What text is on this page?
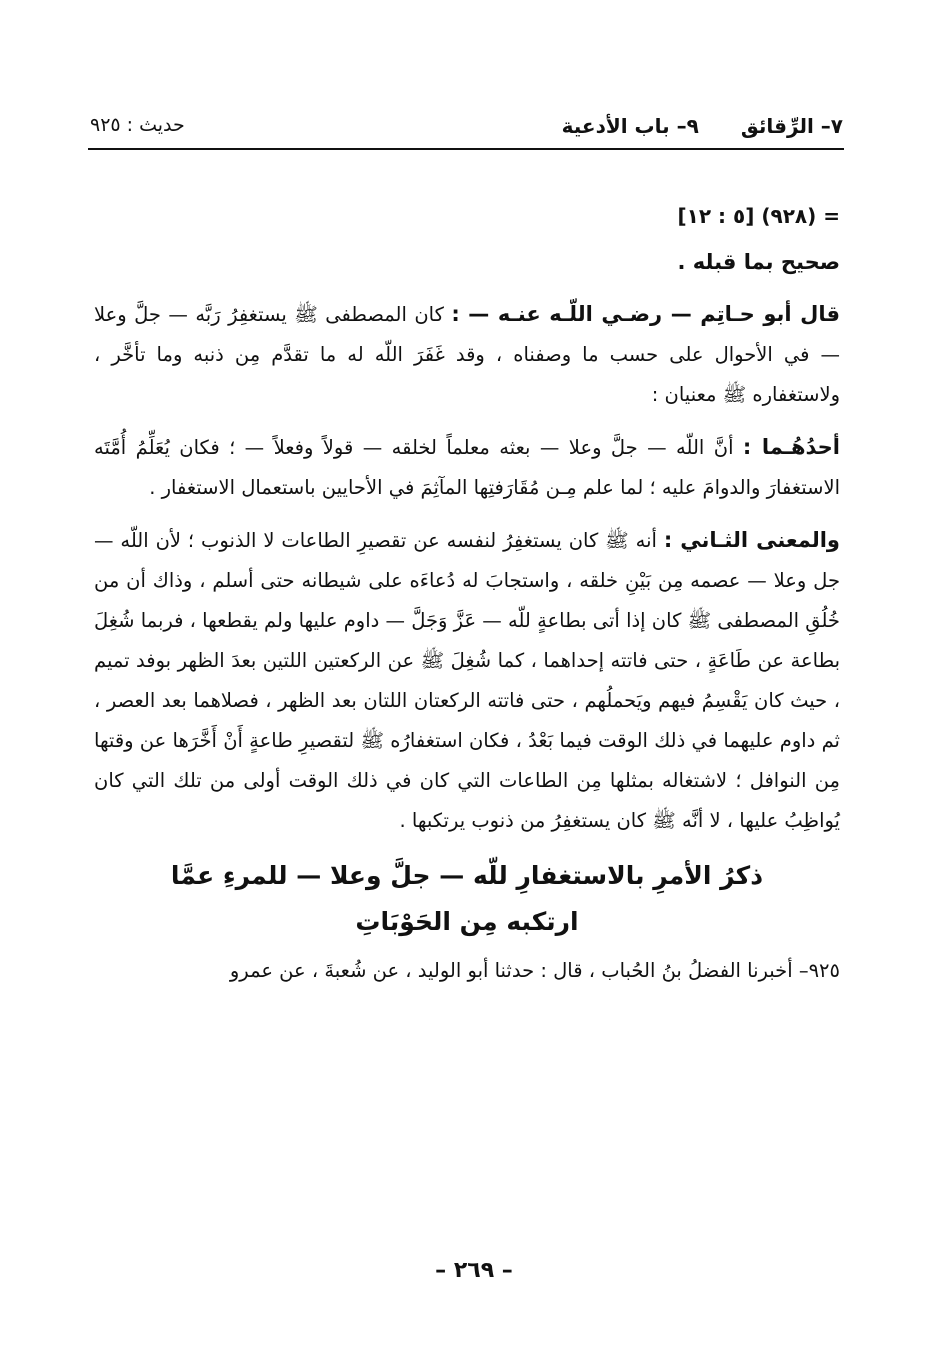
٧– الرِّقائق٩– باب الأدعية
حديث : ٩٢٥

= (٩٢٨) [٥ : ١٢]

صحيح بما قبله .

قال أبو حـاتِم — رضـي اللّـه عنـه — : كان المصطفى ﷺ يستغفِرُ رَبَّه — جلَّ وعلا — في الأحوال على حسب ما وصفناه ، وقد غَفَرَ اللّه له ما تقدَّم مِن ذنبه وما تأخَّر ، ولاستغفاره ﷺ معنيان :

أحدُهُـما : أنَّ اللّه — جلَّ وعلا — بعثه معلماً لخلقه — قولاً وفعلاً — ؛ فكان يُعَلِّمُ أُمَّتَه الاستغفارَ والدوامَ عليه ؛ لما علم مِـن مُقَارَفتِها المآثِمَ في الأحايين باستعمال الاستغفار .

والمعنى الثـاني : أنه ﷺ كان يستغفِرُ لنفسه عن تقصيرِ الطاعات لا الذنوب ؛ لأن اللّه — جل وعلا — عصمه مِن بَيْنِ خلقه ، واستجابَ له دُعاءَه على شيطانه حتى أسلم ، وذاك أن من خُلُقِ المصطفى ﷺ كان إذا أتى بطاعةٍ للّه — عَزَّ وَجَلَّ — داوم عليها ولم يقطعها ، فربما شُغِلَ بطاعة عن طَاعَةٍ ، حتى فاتته إحداهما ، كما شُغِلَ ﷺ عن الركعتين اللتين بعدَ الظهر بوفد تميم ، حيث كان يَقْسِمُ فيهم ويَحملُهم ، حتى فاتته الركعتان اللتان بعد الظهر ، فصلاهما بعد العصر ، ثم داوم عليهما في ذلك الوقت فيما بَعْدُ ، فكان استغفارُه ﷺ لتقصيرِ طاعةٍ أَنْ أَخَّرَها عن وقتها مِن النوافل ؛ لاشتغاله بمثلها مِن الطاعات التي كان في ذلك الوقت أولى من تلك التي كان يُواظِبُ عليها ، لا أنَّه ﷺ كان يستغفِرُ من ذنوب يرتكبها .

ذكرُ الأمرِ بالاستغفارِ للّه — جلَّ وعلا — للمرءِ عمَّا
ارتكبه مِن الحَوْبَاتِ

٩٢٥– أخبرنا الفضلُ بنُ الحُباب ، قال : حدثنا أبو الوليد ، عن شُعبةَ ، عن عمرو

– ٢٦٩ –
